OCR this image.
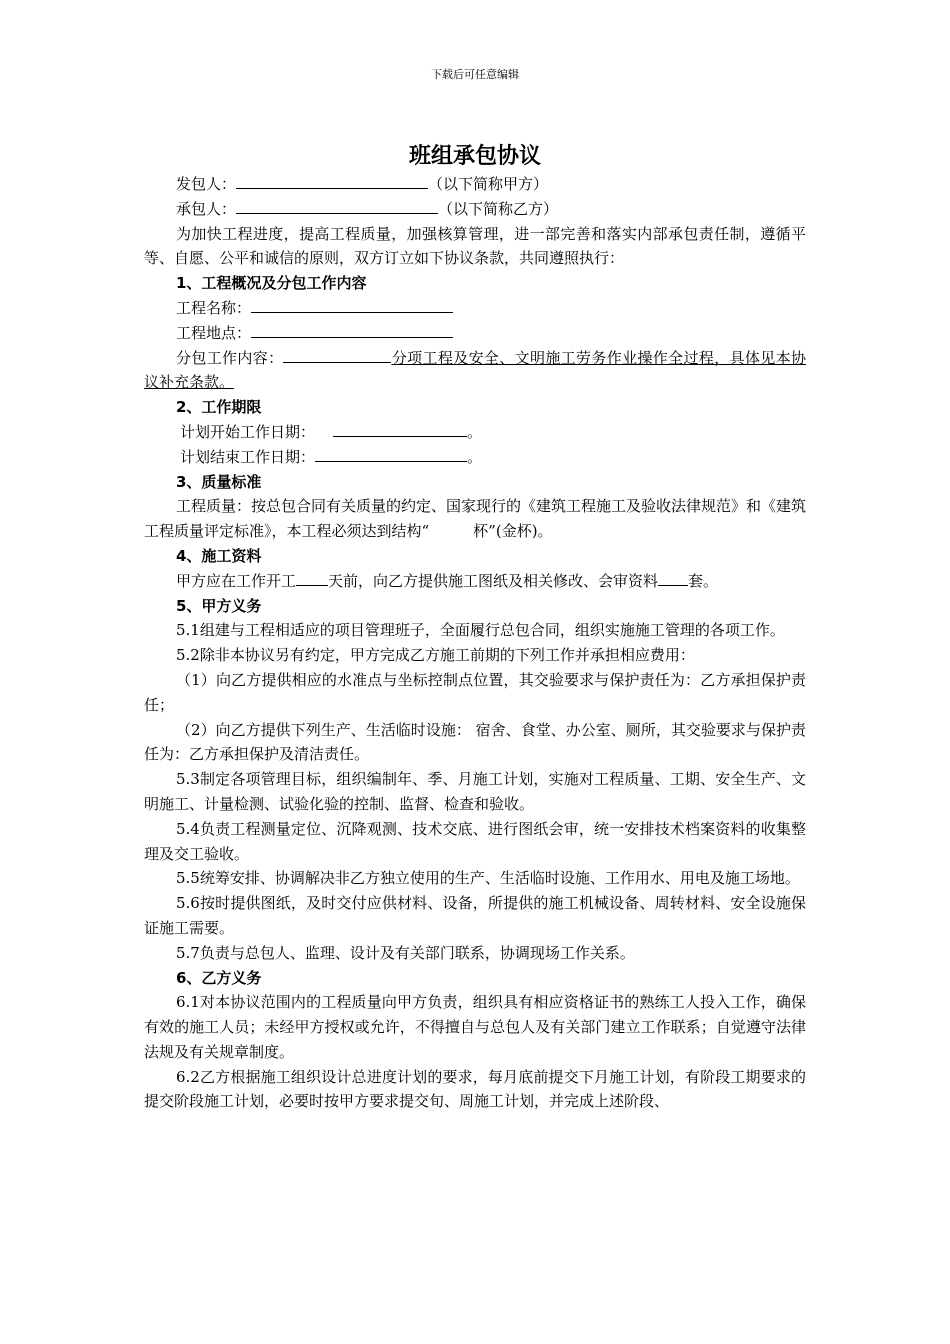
下载后可任意编辑
班组承包协议
发包人：	（以下简称甲方）
承包人：	（以下简称乙方）
为加快工程进度，提高工程质量，加强核算管理，进一部完善和落实内部承包责任制，遵循平等、自愿、公平和诚信的原则，双方订立如下协议条款，共同遵照执行：
1、工程概况及分包工作内容
工程名称：
工程地点：
分包工作内容：	分项工程及安全、文明施工劳务作业操作全过程，具体见本协议补充条款。
2、工作期限
计划开始工作日期：	。
计划结束工作日期：	。
3、质量标准
工程质量：按总包合同有关质量的约定、国家现行的《建筑工程施工及验收法律规范》和《建筑工程质量评定标准》，本工程必须达到结构“	杯”(金杯)。
4、施工资料
甲方应在工作开工 天前，向乙方提供施工图纸及相关修改、会审资料 套。
5、甲方义务
5.1组建与工程相适应的项目管理班子，全面履行总包合同，组织实施施工管理的各项工作。
5.2除非本协议另有约定，甲方完成乙方施工前期的下列工作并承担相应费用：
（1）向乙方提供相应的水准点与坐标控制点位置，其交验要求与保护责任为：乙方承担保护责任；
（2）向乙方提供下列生产、生活临时设施： 宿舍、食堂、办公室、厕所，其交验要求与保护责任为：乙方承担保护及清洁责任。
5.3制定各项管理目标，组织编制年、季、月施工计划，实施对工程质量、工期、安全生产、文明施工、计量检测、试验化验的控制、监督、检查和验收。
5.4负责工程测量定位、沉降观测、技术交底、进行图纸会审，统一安排技术档案资料的收集整理及交工验收。
5.5统筹安排、协调解决非乙方独立使用的生产、生活临时设施、工作用水、用电及施工场地。
5.6按时提供图纸，及时交付应供材料、设备，所提供的施工机械设备、周转材料、安全设施保证施工需要。
5.7负责与总包人、监理、设计及有关部门联系，协调现场工作关系。
6、乙方义务
6.1对本协议范围内的工程质量向甲方负责，组织具有相应资格证书的熟练工人投入工作，确保有效的施工人员；未经甲方授权或允许，不得擅自与总包人及有关部门建立工作联系；自觉遵守法律法规及有关规章制度。
6.2乙方根据施工组织设计总进度计划的要求，每月底前提交下月施工计划，有阶段工期要求的提交阶段施工计划，必要时按甲方要求提交旬、周施工计划，并完成上述阶段、
